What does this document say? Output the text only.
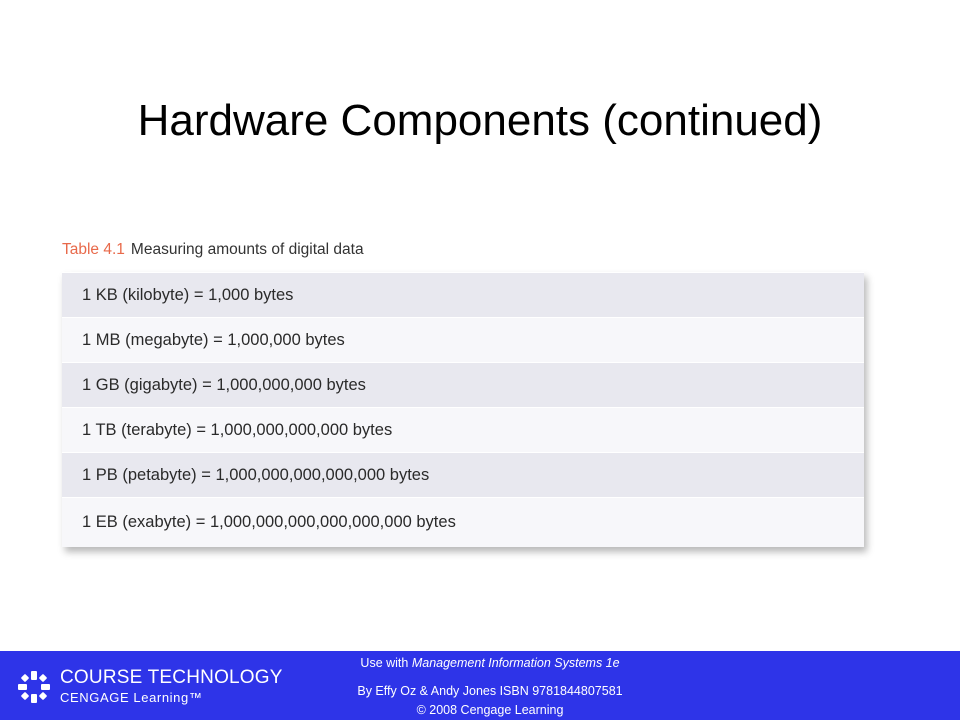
Hardware Components (continued)
Table 4.1 Measuring amounts of digital data
1 KB (kilobyte) = 1,000 bytes
1 MB (megabyte) = 1,000,000 bytes
1 GB (gigabyte) = 1,000,000,000 bytes
1 TB (terabyte) = 1,000,000,000,000 bytes
1 PB (petabyte) = 1,000,000,000,000,000 bytes
1 EB (exabyte) = 1,000,000,000,000,000,000 bytes
COURSE TECHNOLOGY
CENGAGE Learning™
Use with Management Information Systems 1e
By Effy Oz & Andy Jones ISBN 9781844807581
© 2008 Cengage Learning
